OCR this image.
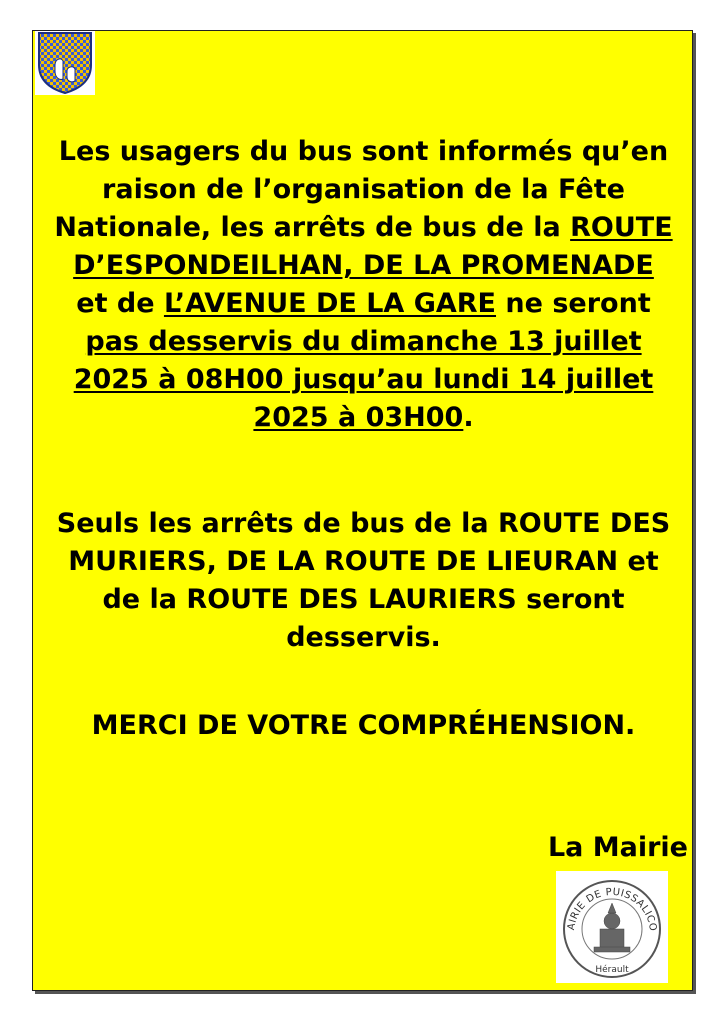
Les usagers du bus sont informés qu’en
raison de l’organisation de la Fête
Nationale, les arrêts de bus de la ROUTE
D’ESPONDEILHAN, DE LA PROMENADE
et de L’AVENUE DE LA GARE ne seront
pas desservis du dimanche 13 juillet
2025 à 08H00 jusqu’au lundi 14 juillet
2025 à 03H00.
Seuls les arrêts de bus de la ROUTE DES
MURIERS, DE LA ROUTE DE LIEURAN et
de la ROUTE DES LAURIERS seront
desservis.
MERCI DE VOTRE COMPRÉHENSION.
La Mairie
AIRIE DE PUISSALICO
Hérault
